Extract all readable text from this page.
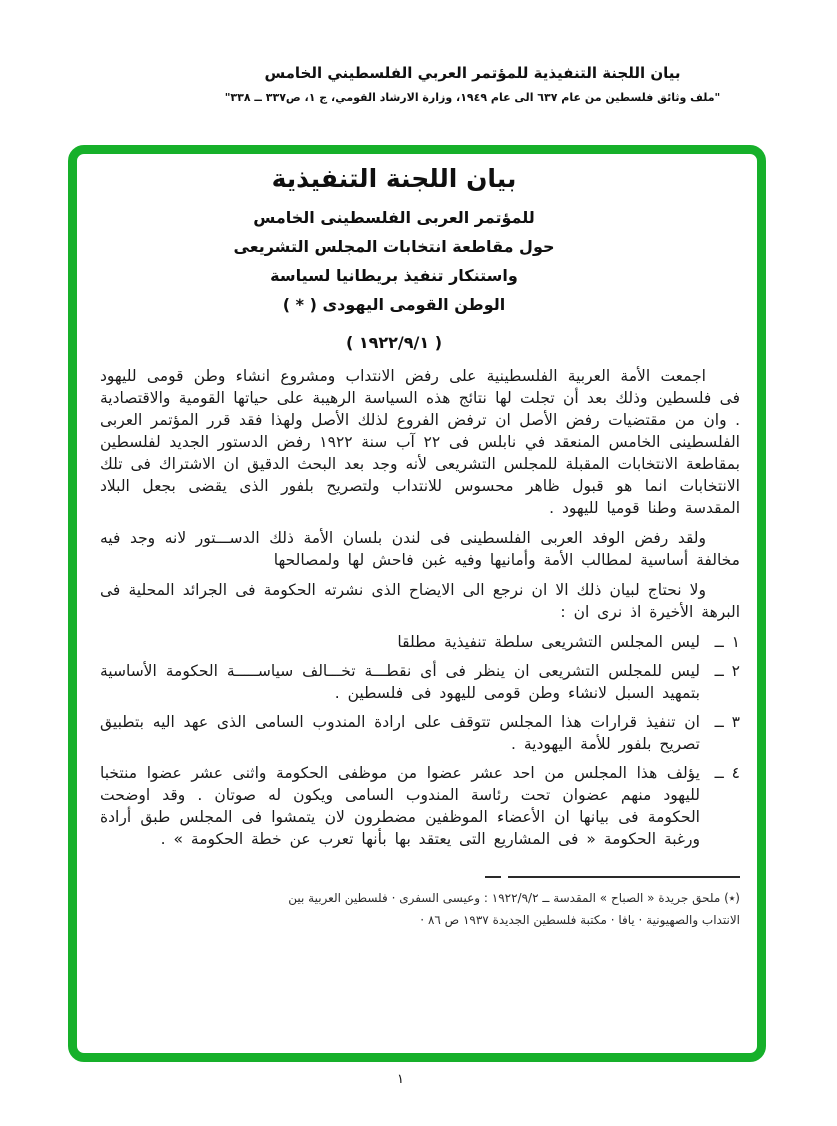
بيان اللجنة التنفيذية للمؤتمر العربي الفلسطيني الخامس
"ملف وثائق فلسطين من عام ٦٣٧ الى عام ١٩٤٩، وزارة الارشاد القومي، ج ١، ص٣٣٧ ــ ٣٣٨"
بيان اللجنة التنفيذية
للمؤتمر العربى الفلسطينى الخامس
حول مقاطعة انتخابات المجلس التشريعى
واستنكار تنفيذ بريطانيا لسياسة
الوطن القومى اليهودى ( * )
( ١٩٢٢/٩/١ )

اجمعت الأمة العربية الفلسطينية على رفض الانتداب ومشروع انشاء وطن قومى لليهود فى فلسطين وذلك بعد أن تجلت لها نتائج هذه السياسة الرهيبة على حياتها القومية والاقتصادية . وان من مقتضيات رفض الأصل ان ترفض الفروع لذلك الأصل ولهذا فقد قرر المؤتمر العربى الفلسطينى الخامس المنعقد في نابلس فى ٢٢ آب سنة ١٩٢٢ رفض الدستور الجديد لفلسطين بمقاطعة الانتخابات المقبلة للمجلس التشريعى لأنه وجد بعد البحث الدقيق ان الاشتراك فى تلك الانتخابات انما هو قبول ظاهر محسوس للانتداب ولتصريح بلفور الذى يقضى بجعل البلاد المقدسة وطنا قوميا لليهود .

ولقد رفض الوفد العربى الفلسطينى فى لندن بلسان الأمة ذلك الدســـتور لانه وجد فيه مخالفة أساسية لمطالب الأمة وأمانيها وفيه غبن فاحش لها ولمصالحها

ولا نحتاج لبيان ذلك الا ان نرجع الى الايضاح الذى نشرته الحكومة فى الجرائد المحلية فى البرهة الأخيرة اذ نرى ان :

١ ــ
ليس المجلس التشريعى سلطة تنفيذية مطلقا
٢ ــ
ليس للمجلس التشريعى ان ينظر فى أى نقطـــة تخـــالف سياســـــة الحكومة الأساسية بتمهيد السبل لانشاء وطن قومى لليهود فى فلسطين .
٣ ــ
ان تنفيذ قرارات هذا المجلس تتوقف على ارادة المندوب السامى الذى عهد اليه بتطبيق تصريح بلفور للأمة اليهودية .
٤ ــ
يؤلف هذا المجلس من احد عشر عضوا من موظفى الحكومة واثنى عشر عضوا منتخبا لليهود منهم عضوان تحت رئاسة المندوب السامى ويكون له صوتان . وقد اوضحت الحكومة فى بيانها ان الأعضاء الموظفين مضطرون لان يتمشوا فى المجلس طبق أرادة ورغبة الحكومة « فى المشاريع التى يعتقد بها بأنها تعرب عن خطة الحكومة » .
(٭) ملحق جريدة « الصباح » المقدسة ــ ١٩٢٢/٩/٢ : وعيسى السفرى · فلسطين العربية بين
الانتداب والصهيونية · يافا · مكتبة فلسطين الجديدة ١٩٣٧ ص ٨٦ ·
١
